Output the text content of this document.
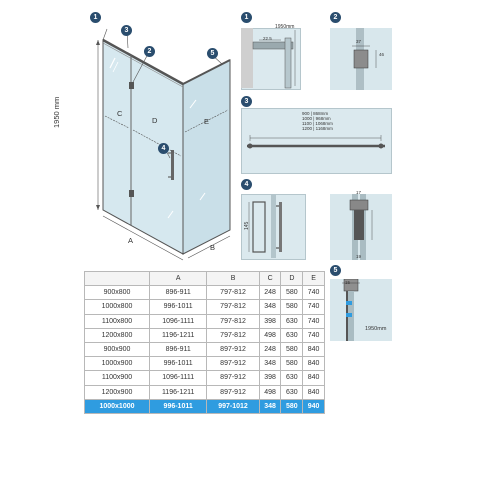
1
2
3
4
5
1950 mm
A
B
C
D	E
1
1950mm
22.5
2
37
46
3
900 | 868mm
1000 | 968mm
1100 | 1068mm
1200 | 1168mm
4
145
17
19
5
15
1950mm
	A	B	C	D	E
900x800	896-911	797-812	248	580	740
1000x800	996-1011	797-812	348	580	740
1100x800	1096-1111	797-812	398	630	740
1200x800	1196-1211	797-812	498	630	740
900x900	896-911	897-912	248	580	840
1000x900	996-1011	897-912	348	580	840
1100x900	1096-1111	897-912	398	630	840
1200x900	1196-1211	897-912	498	630	840
1000x1000	996-1011	997-1012	348	580	940
